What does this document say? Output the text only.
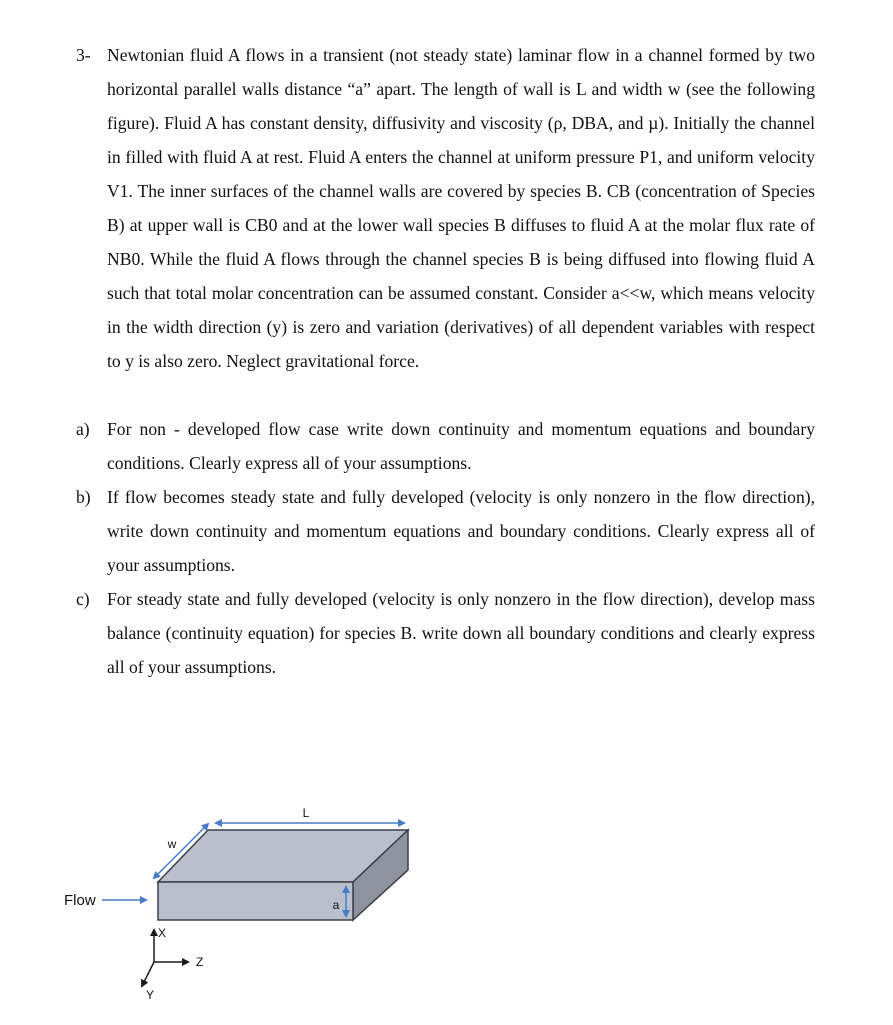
3- Newtonian fluid A flows in a transient (not steady state) laminar flow in a channel formed by two horizontal parallel walls distance “a” apart. The length of wall is L and width w (see the following figure). Fluid A has constant density, diffusivity and viscosity (ρ, DBA, and µ). Initially the channel in filled with fluid A at rest. Fluid A enters the channel at uniform pressure P1, and uniform velocity V1. The inner surfaces of the channel walls are covered by species B. CB (concentration of Species B) at upper wall is CB0 and at the lower wall species B diffuses to fluid A at the molar flux rate of NB0. While the fluid A flows through the channel species B is being diffused into flowing fluid A such that total molar concentration can be assumed constant. Consider a<<w, which means velocity in the width direction (y) is zero and variation (derivatives) of all dependent variables with respect to y is also zero. Neglect gravitational force.

a) For non - developed flow case write down continuity and momentum equations and boundary conditions. Clearly express all of your assumptions.

b) If flow becomes steady state and fully developed (velocity is only nonzero in the flow direction), write down continuity and momentum equations and boundary conditions. Clearly express all of your assumptions.

c) For steady state and fully developed (velocity is only nonzero in the flow direction), develop mass balance (continuity equation) for species B. write down all boundary conditions and clearly express all of your assumptions.

L
w
a
Flow
X
Z
Y
